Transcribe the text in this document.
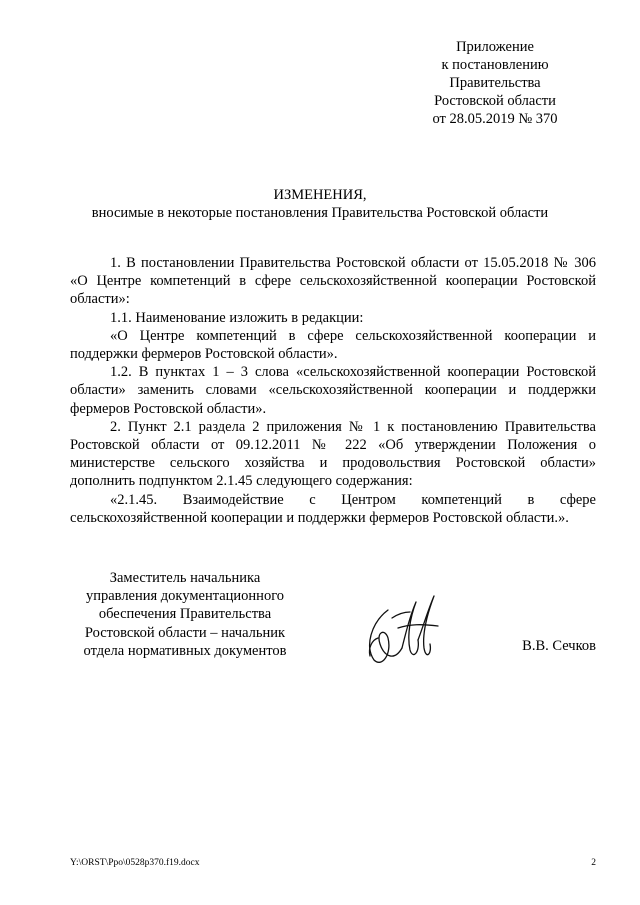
Приложение
к постановлению
Правительства
Ростовской области
от 28.05.2019 № 370
ИЗМЕНЕНИЯ,
вносимые в некоторые постановления Правительства Ростовской области

1. В постановлении Правительства Ростовской области от 15.05.2018 № 306 «О Центре компетенций в сфере сельскохозяйственной кооперации Ростовской области»:

1.1. Наименование изложить в редакции:

«О Центре компетенций в сфере сельскохозяйственной кооперации и поддержки фермеров Ростовской области».

1.2. В пунктах 1 – 3 слова «сельскохозяйственной кооперации Ростовской области» заменить словами «сельскохозяйственной кооперации и поддержки фермеров Ростовской области».

2. Пункт 2.1 раздела 2 приложения № 1 к постановлению Правительства Ростовской области от 09.12.2011 № 222 «Об утверждении Положения о министерстве сельского хозяйства и продовольствия Ростовской области» дополнить подпунктом 2.1.45 следующего содержания:

«2.1.45. Взаимодействие с Центром компетенций в сфере сельскохозяйственной кооперации и поддержки фермеров Ростовской области.».

Заместитель начальника
управления документационного
обеспечения Правительства
Ростовской области – начальник
отдела нормативных документов	В.В. Сечков
Y:\ORST\Ppo\0528p370.f19.docx	2
